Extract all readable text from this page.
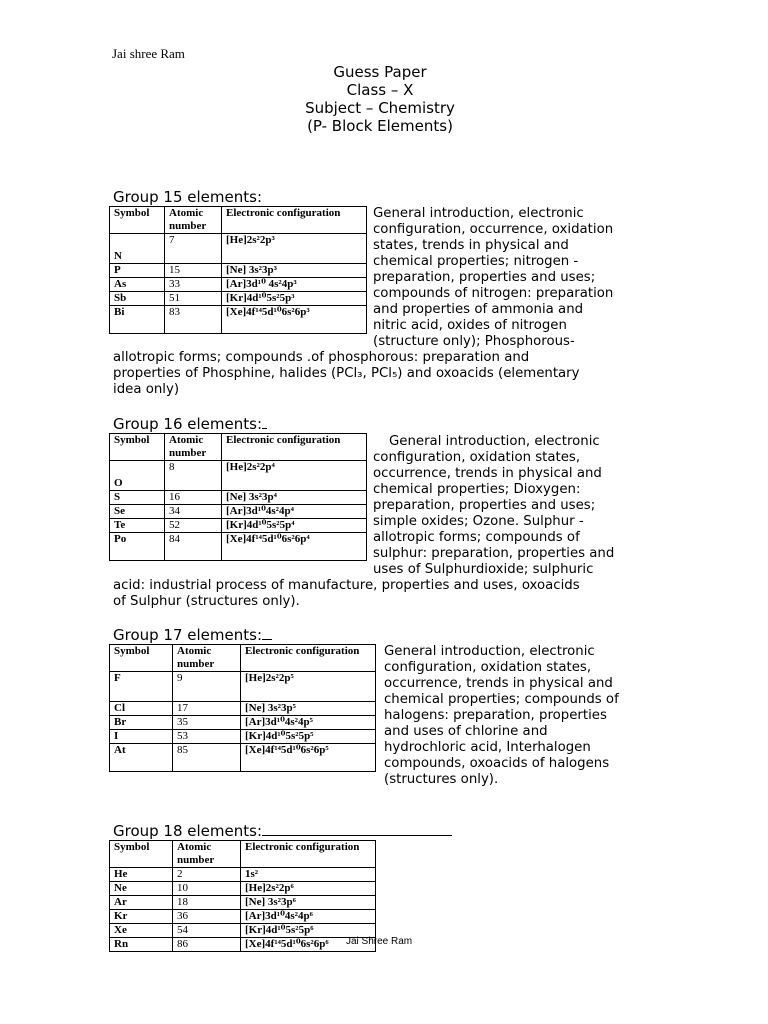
Jai shree Ram
Guess Paper
Class – X
Subject – Chemistry
(P- Block Elements)
Group 15 elements:
Symbol	Atomic number	Electronic configuration
N	7	[He]2s²2p³
P	15	[Ne] 3s²3p³
As	33	[Ar]3d¹⁰ 4s²4p³
Sb	51	[Kr]4d¹⁰5s²5p³
Bi	83	[Xe]4f¹⁴5d¹⁰6s²6p³
General introduction, electronic
configuration, occurrence, oxidation
states, trends in physical and
chemical properties; nitrogen -
preparation, properties and uses;
compounds of nitrogen: preparation
and properties of ammonia and
nitric acid, oxides of nitrogen
(structure only); Phosphorous-
allotropic forms; compounds .of phosphorous: preparation and
properties of Phosphine, halides (PCl₃, PCl₅) and oxoacids (elementary
idea only)
Group 16 elements:
Symbol	Atomic number	Electronic configuration
O	8	[He]2s²2p⁴
S	16	[Ne] 3s²3p⁴
Se	34	[Ar]3d¹⁰4s²4p⁴
Te	52	[Kr]4d¹⁰5s²5p⁴
Po	84	[Xe]4f¹⁴5d¹⁰6s²6p⁴
General introduction, electronic
configuration, oxidation states,
occurrence, trends in physical and
chemical properties; Dioxygen:
preparation, properties and uses;
simple oxides; Ozone. Sulphur -
allotropic forms; compounds of
sulphur: preparation, properties and
uses of Sulphurdioxide; sulphuric
acid: industrial process of manufacture, properties and uses, oxoacids
of Sulphur (structures only).
Group 17 elements:
Symbol	Atomic number	Electronic configuration
F	9	[He]2s²2p⁵
Cl	17	[Ne] 3s²3p⁵
Br	35	[Ar]3d¹⁰4s²4p⁵
I	53	[Kr]4d¹⁰5s²5p⁵
At	85	[Xe]4f¹⁴5d¹⁰6s²6p⁵
General introduction, electronic
configuration, oxidation states,
occurrence, trends in physical and
chemical properties; compounds of
halogens: preparation, properties
and uses of chlorine and
hydrochloric acid, Interhalogen
compounds, oxoacids of halogens
(structures only).
Group 18 elements:
Symbol	Atomic number	Electronic configuration
He	2	1s²
Ne	10	[He]2s²2p⁶
Ar	18	[Ne] 3s²3p⁶
Kr	36	[Ar]3d¹⁰4s²4p⁶
Xe	54	[Kr]4d¹⁰5s²5p⁶
Rn	86	[Xe]4f¹⁴5d¹⁰6s²6p⁶ Jai Shree Ram
